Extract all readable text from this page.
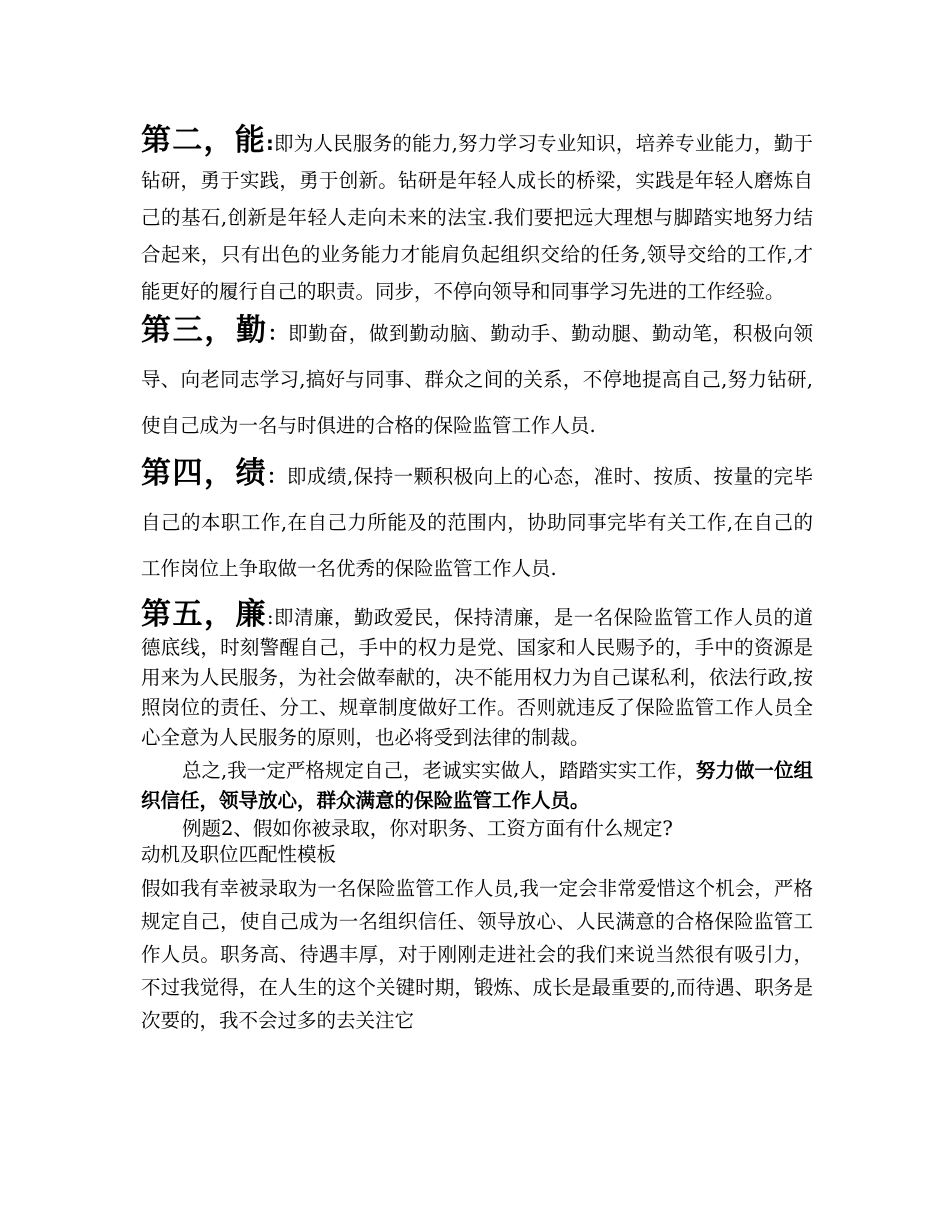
第二，能:即为人民服务的能力,努力学习专业知识，培养专业能力，勤于钻研，勇于实践，勇于创新。钻研是年轻人成长的桥梁，实践是年轻人磨炼自己的基石,创新是年轻人走向未来的法宝.我们要把远大理想与脚踏实地努力结合起来，只有出色的业务能力才能肩负起组织交给的任务,领导交给的工作,才能更好的履行自己的职责。同步，不停向领导和同事学习先进的工作经验。

第三，勤：即勤奋，做到勤动脑、勤动手、勤动腿、勤动笔，积极向领导、向老同志学习,搞好与同事、群众之间的关系，不停地提高自己,努力钻研,使自己成为一名与时俱进的合格的保险监管工作人员.

第四，绩：即成绩,保持一颗积极向上的心态，准时、按质、按量的完毕自己的本职工作,在自己力所能及的范围内，协助同事完毕有关工作,在自己的工作岗位上争取做一名优秀的保险监管工作人员.

第五，廉:即清廉，勤政爱民，保持清廉，是一名保险监管工作人员的道德底线，时刻警醒自己，手中的权力是党、国家和人民赐予的，手中的资源是用来为人民服务，为社会做奉献的，决不能用权力为自己谋私利，依法行政,按照岗位的责任、分工、规章制度做好工作。否则就违反了保险监管工作人员全心全意为人民服务的原则，也必将受到法律的制裁。

总之,我一定严格规定自己，老诚实实做人，踏踏实实工作，努力做一位组织信任，领导放心，群众满意的保险监管工作人员。

例题2、假如你被录取，你对职务、工资方面有什么规定?

动机及职位匹配性模板

假如我有幸被录取为一名保险监管工作人员,我一定会非常爱惜这个机会，严格规定自己，使自己成为一名组织信任、领导放心、人民满意的合格保险监管工作人员。职务高、待遇丰厚，对于刚刚走进社会的我们来说当然很有吸引力，不过我觉得，在人生的这个关键时期，锻炼、成长是最重要的,而待遇、职务是次要的，我不会过多的去关注它
